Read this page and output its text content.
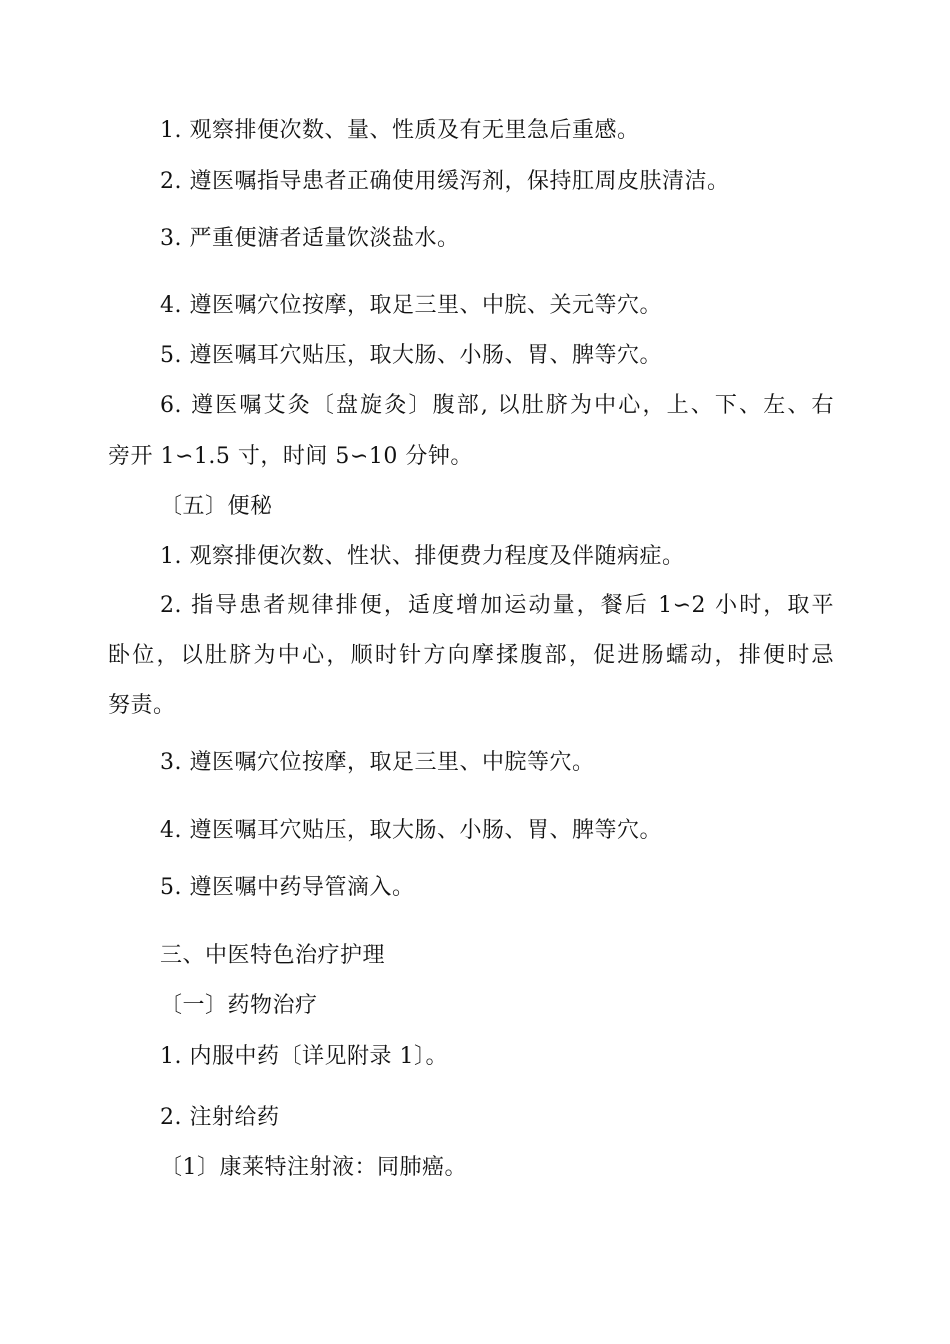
1. 观察排便次数、量、性质及有无里急后重感。
2. 遵医嘱指导患者正确使用缓泻剂，保持肛周皮肤清洁。
3. 严重便溏者适量饮淡盐水。
4. 遵医嘱穴位按摩，取足三里、中脘、关元等穴。
5. 遵医嘱耳穴贴压，取大肠、小肠、胃、脾等穴。
6. 遵医嘱艾灸〔盘旋灸〕腹部, 以肚脐为中心，上、下、左、右
旁开 1∽1.5 寸，时间 5∽10 分钟。
〔五〕便秘
1. 观察排便次数、性状、排便费力程度及伴随病症。
2. 指导患者规律排便，适度增加运动量，餐后 1∽2 小时，取平
卧位，以肚脐为中心，顺时针方向摩揉腹部，促进肠蠕动，排便时忌
努责。
3. 遵医嘱穴位按摩，取足三里、中脘等穴。
4. 遵医嘱耳穴贴压，取大肠、小肠、胃、脾等穴。
5. 遵医嘱中药导管滴入。
三、中医特色治疗护理
〔一〕药物治疗
1. 内服中药〔详见附录 1〕。
2. 注射给药
〔1〕康莱特注射液：同肺癌。
